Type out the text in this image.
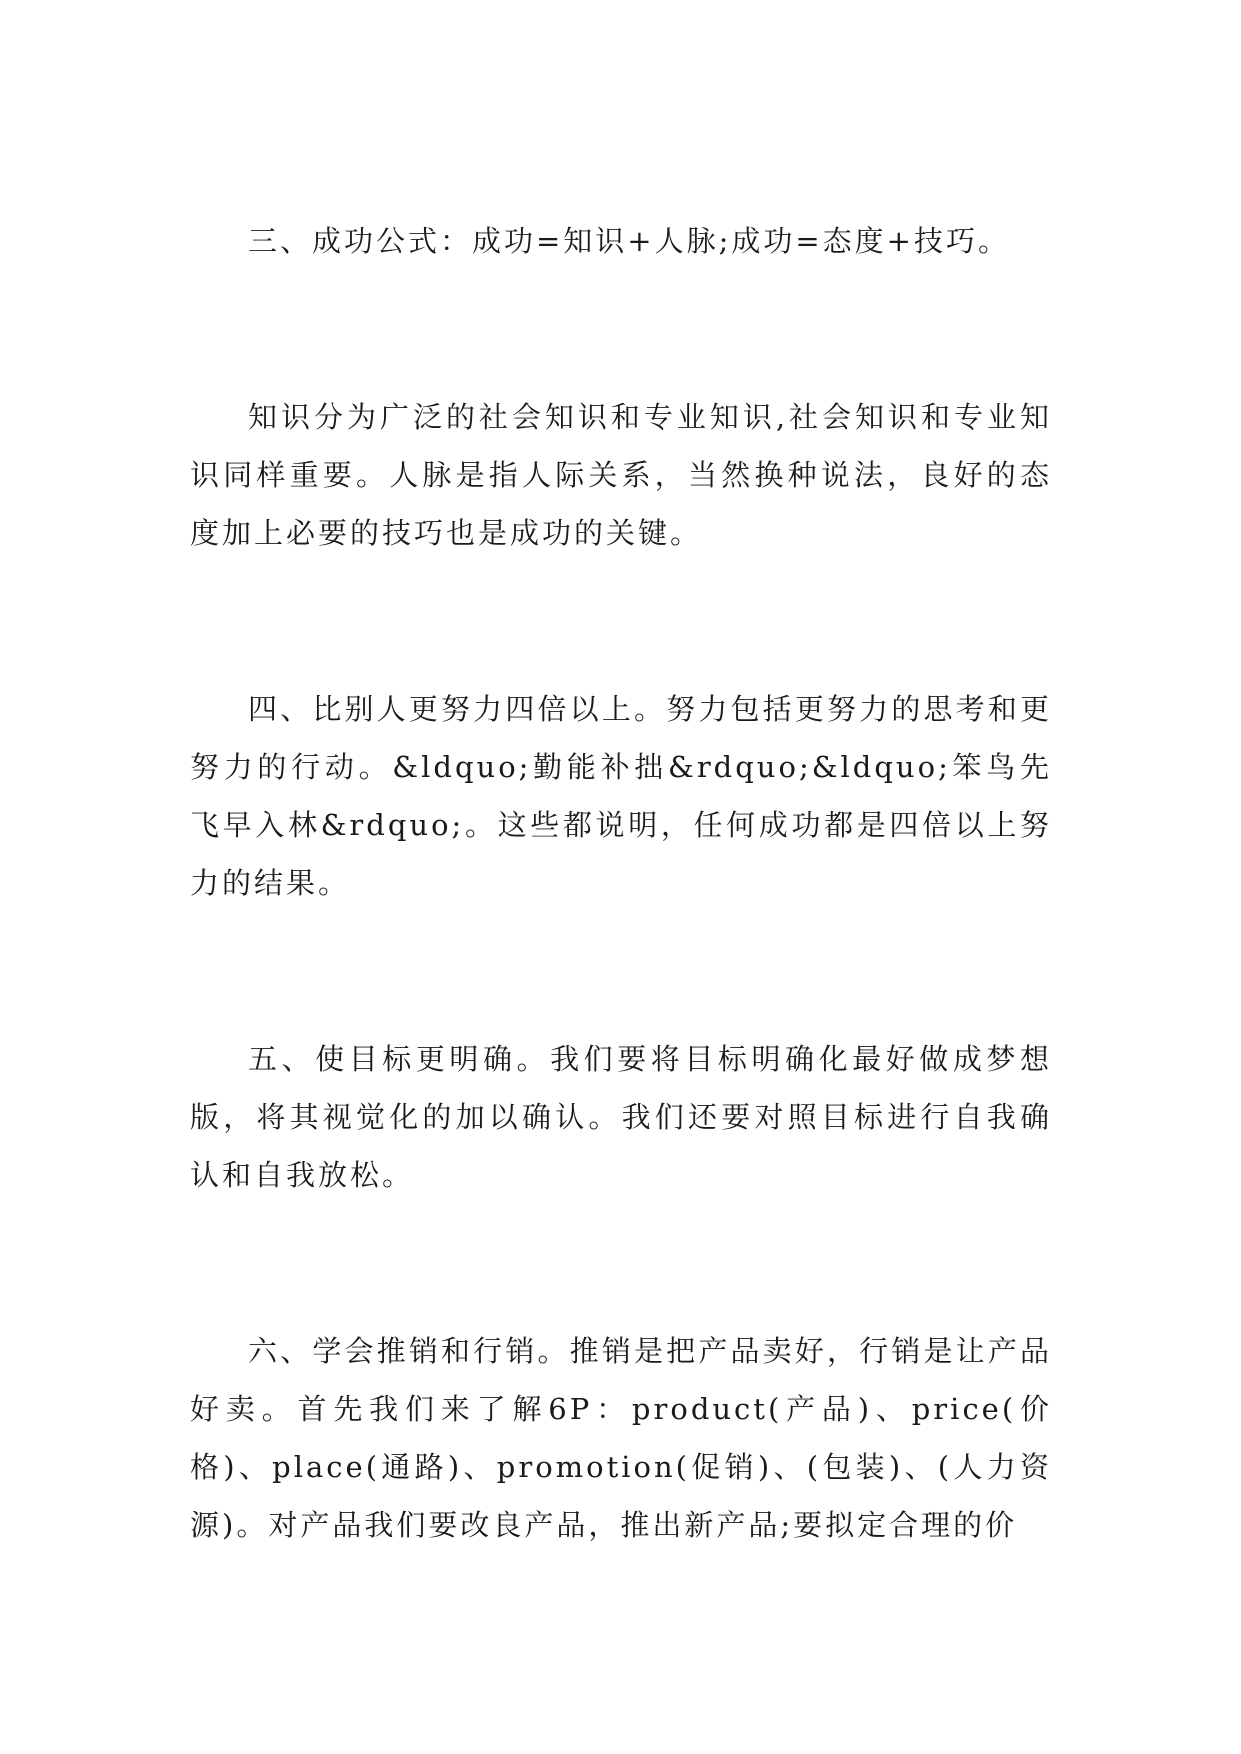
三、成功公式：成功=知识+人脉;成功=态度+技巧。

知识分为广泛的社会知识和专业知识,社会知识和专业知识同样重要。人脉是指人际关系，当然换种说法，良好的态度加上必要的技巧也是成功的关键。

四、比别人更努力四倍以上。努力包括更努力的思考和更努力的行动。&ldquo;勤能补拙&rdquo;&ldquo;笨鸟先飞早入林&rdquo;。这些都说明，任何成功都是四倍以上努力的结果。

五、使目标更明确。我们要将目标明确化最好做成梦想版，将其视觉化的加以确认。我们还要对照目标进行自我确认和自我放松。

六、学会推销和行销。推销是把产品卖好，行销是让产品好卖。首先我们来了解6P：product(产品)、price(价格)、place(通路)、promotion(促销)、(包装)、(人力资源)。对产品我们要改良产品，推出新产品;要拟定合理的价
